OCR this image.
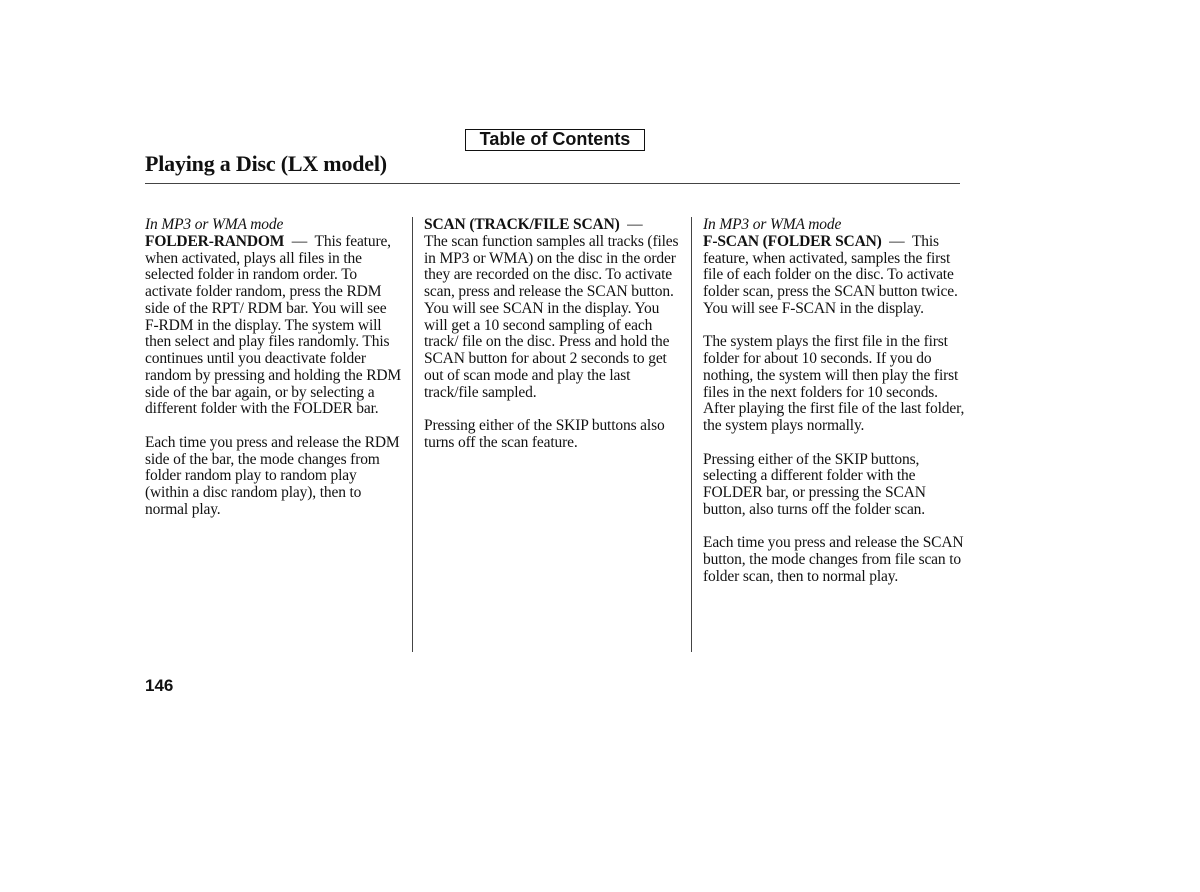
Table of Contents
Playing a Disc (LX model)

In MP3 or WMA mode
FOLDER-RANDOM — This feature, when activated, plays all files in the selected folder in random order. To activate folder random, press the RDM side of the RPT/ RDM bar. You will see F-RDM in the display. The system will then select and play files randomly. This continues until you deactivate folder random by pressing and holding the RDM side of the bar again, or by selecting a different folder with the FOLDER bar.

Each time you press and release the RDM side of the bar, the mode changes from folder random play to random play (within a disc random play), then to normal play.

SCAN (TRACK/FILE SCAN) —
The scan function samples all tracks (files in MP3 or WMA) on the disc in the order they are recorded on the disc. To activate scan, press and release the SCAN button. You will see SCAN in the display. You will get a 10 second sampling of each track/ file on the disc. Press and hold the SCAN button for about 2 seconds to get out of scan mode and play the last track/file sampled.

Pressing either of the SKIP buttons also turns off the scan feature.

In MP3 or WMA mode
F-SCAN (FOLDER SCAN) — This feature, when activated, samples the first file of each folder on the disc. To activate folder scan, press the SCAN button twice. You will see F-SCAN in the display.

The system plays the first file in the first folder for about 10 seconds. If you do nothing, the system will then play the first files in the next folders for 10 seconds. After playing the first file of the last folder, the system plays normally.

Pressing either of the SKIP buttons, selecting a different folder with the FOLDER bar, or pressing the SCAN button, also turns off the folder scan.

Each time you press and release the SCAN button, the mode changes from file scan to folder scan, then to normal play.

146
